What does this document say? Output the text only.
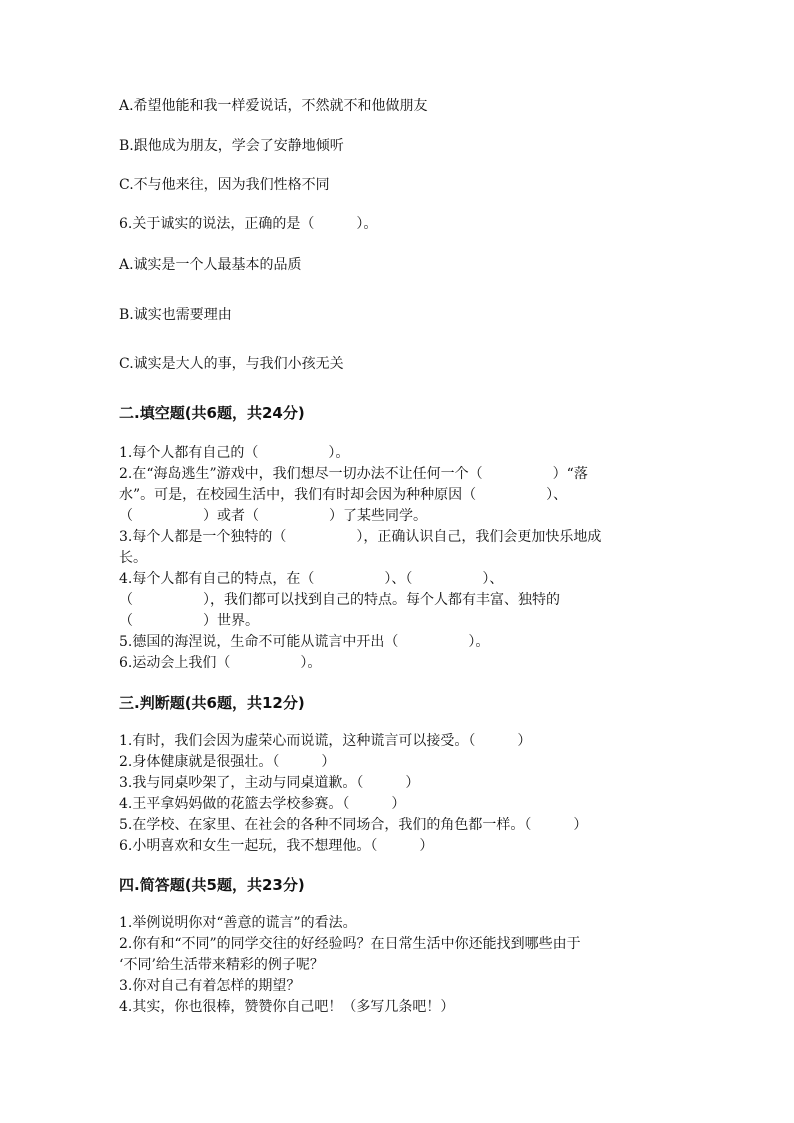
A.希望他能和我一样爱说话，不然就不和他做朋友
B.跟他成为朋友，学会了安静地倾听
C.不与他来往，因为我们性格不同
6.关于诚实的说法，正确的是（　　　）。
A.诚实是一个人最基本的品质
B.诚实也需要理由
C.诚实是大人的事，与我们小孩无关
二.填空题(共6题，共24分)
1.每个人都有自己的（　　　　　）。
2.在“海岛逃生”游戏中，我们想尽一切办法不让任何一个（　　　　　）“落
水”。可是，在校园生活中，我们有时却会因为种种原因（　　　　　）、
（　　　　　）或者（　　　　　）了某些同学。
3.每个人都是一个独特的（　　　　　），正确认识自己，我们会更加快乐地成
长。
4.每个人都有自己的特点，在（　　　　　）、（　　　　　）、
（　　　　　），我们都可以找到自己的特点。每个人都有丰富、独特的
（　　　　　）世界。
5.德国的海涅说，生命不可能从谎言中开出（　　　　　）。
6.运动会上我们（　　　　　）。
三.判断题(共6题，共12分)
1.有时，我们会因为虚荣心而说谎，这种谎言可以接受。（　　　）
2.身体健康就是很强壮。（　　　）
3.我与同桌吵架了，主动与同桌道歉。（　　　）
4.王平拿妈妈做的花篮去学校参赛。（　　　）
5.在学校、在家里、在社会的各种不同场合，我们的角色都一样。（　　　）
6.小明喜欢和女生一起玩，我不想理他。（　　　）
四.简答题(共5题，共23分)
1.举例说明你对“善意的谎言”的看法。
2.你有和“不同”的同学交往的好经验吗？在日常生活中你还能找到哪些由于
‘不同’给生活带来精彩的例子呢？
3.你对自己有着怎样的期望？
4.其实，你也很棒，赞赞你自己吧！（多写几条吧！）
